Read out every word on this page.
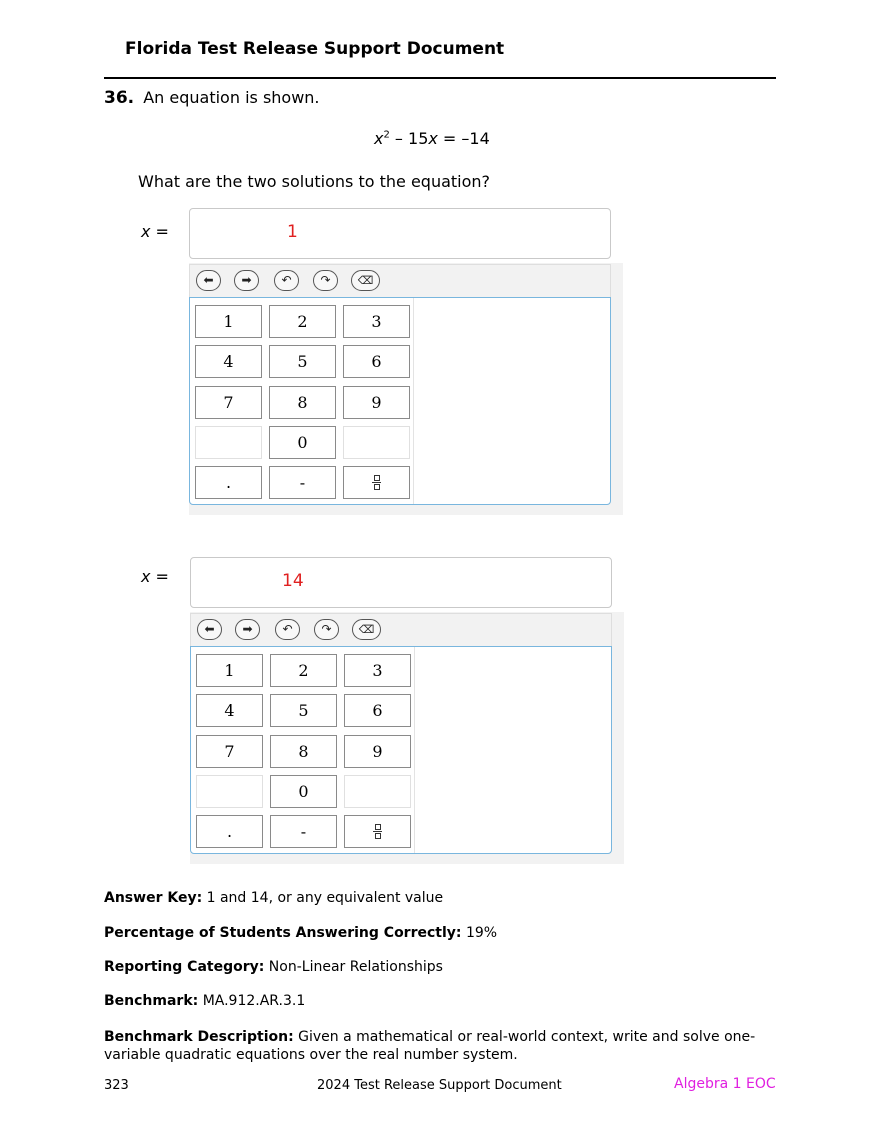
Florida Test Release Support Document
36. An equation is shown.
$x^2 - 15x = -14$
What are the two solutions to the equation?
x =	1
⬅	➡	↶	↷	⌫
1	2	3
4	5	6
7	8	9
0
.	-
x =	14
⬅	➡	↶	↷	⌫
1	2	3
4	5	6
7	8	9
0
.	-
Answer Key: 1 and 14, or any equivalent value
Percentage of Students Answering Correctly: 19%
Reporting Category: Non-Linear Relationships
Benchmark: MA.912.AR.3.1
Benchmark Description: Given a mathematical or real-world context, write and solve one-variable quadratic equations over the real number system.
323	2024 Test Release Support Document	Algebra 1 EOC
